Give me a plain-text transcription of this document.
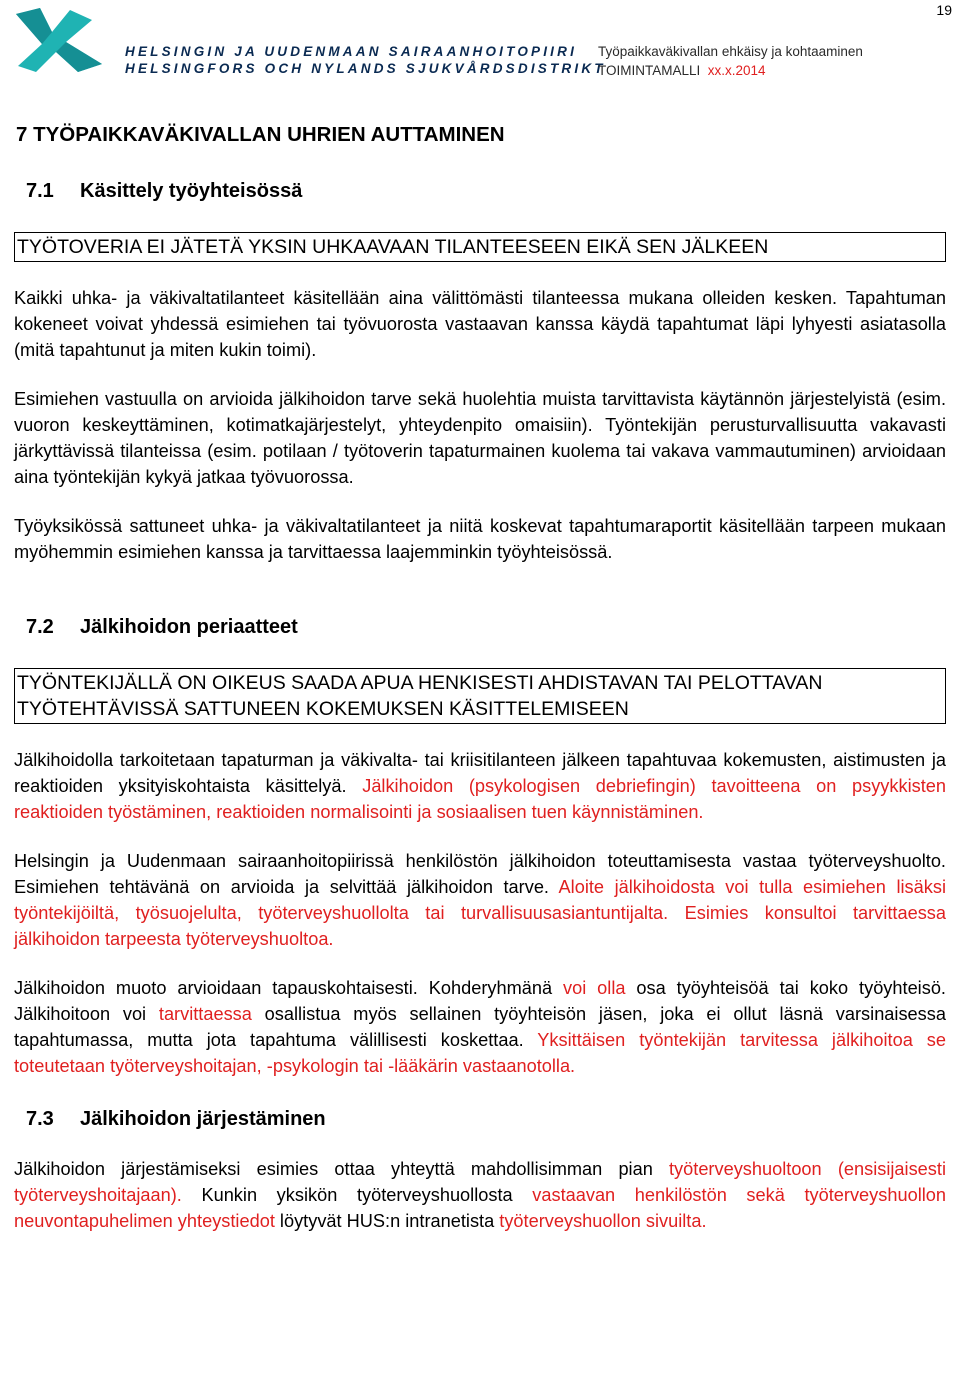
19
HELSINGIN JA UUDENMAAN SAIRAANHOITOPIIRI
HELSINGFORS OCH NYLANDS SJUKVÅRDSDISTRIKT
Työpaikkaväkivallan ehkäisy ja kohtaaminen
TOIMINTAMALLI xx.x.2014
7 TYÖPAIKKAVÄKIVALLAN UHRIEN AUTTAMINEN
7.1 Käsittely työyhteisössä
TYÖTOVERIA EI JÄTETÄ YKSIN UHKAAVAAN TILANTEESEEN EIKÄ SEN JÄLKEEN

Kaikki uhka- ja väkivaltatilanteet käsitellään aina välittömästi tilanteessa mukana olleiden kesken. Tapahtuman kokeneet voivat yhdessä esimiehen tai työvuorosta vastaavan kanssa käydä tapahtumat läpi lyhyesti asiatasolla (mitä tapahtunut ja miten kukin toimi).

Esimiehen vastuulla on arvioida jälkihoidon tarve sekä huolehtia muista tarvittavista käytännön järjestelyistä (esim. vuoron keskeyttäminen, kotimatkajärjestelyt, yhteydenpito omaisiin). Työntekijän perusturvallisuutta vakavasti järkyttävissä tilanteissa (esim. potilaan / työtoverin tapaturmainen kuolema tai vakava vammautuminen) arvioidaan aina työntekijän kykyä jatkaa työvuorossa.

Työyksikössä sattuneet uhka- ja väkivaltatilanteet ja niitä koskevat tapahtumaraportit käsitellään tarpeen mukaan myöhemmin esimiehen kanssa ja tarvittaessa laajemminkin työyhteisössä.

7.2 Jälkihoidon periaatteet
TYÖNTEKIJÄLLÄ ON OIKEUS SAADA APUA HENKISESTI AHDISTAVAN TAI PELOTTAVAN TYÖTEHTÄVISSÄ SATTUNEEN KOKEMUKSEN KÄSITTELEMISEEN

Jälkihoidolla tarkoitetaan tapaturman ja väkivalta- tai kriisitilanteen jälkeen tapahtuvaa kokemusten, aistimusten ja reaktioiden yksityiskohtaista käsittelyä. Jälkihoidon (psykologisen debriefingin) tavoitteena on psyykkisten reaktioiden työstäminen, reaktioiden normalisointi ja sosiaalisen tuen käynnistäminen.

Helsingin ja Uudenmaan sairaanhoitopiirissä henkilöstön jälkihoidon toteuttamisesta vastaa työterveyshuolto. Esimiehen tehtävänä on arvioida ja selvittää jälkihoidon tarve. Aloite jälkihoidosta voi tulla esimiehen lisäksi työntekijöiltä, työsuojelulta, työterveyshuollolta tai turvallisuusasiantuntijalta. Esimies konsultoi tarvittaessa jälkihoidon tarpeesta työterveyshuoltoa.

Jälkihoidon muoto arvioidaan tapauskohtaisesti. Kohderyhmänä voi olla osa työyhteisöä tai koko työyhteisö. Jälkihoitoon voi tarvittaessa osallistua myös sellainen työyhteisön jäsen, joka ei ollut läsnä varsinaisessa tapahtumassa, mutta jota tapahtuma välillisesti koskettaa. Yksittäisen työntekijän tarvitessa jälkihoitoa se toteutetaan työterveyshoitajan, -psykologin tai -lääkärin vastaanotolla.

7.3 Jälkihoidon järjestäminen

Jälkihoidon järjestämiseksi esimies ottaa yhteyttä mahdollisimman pian työterveyshuoltoon (ensisijaisesti työterveyshoitajaan). Kunkin yksikön työterveyshuollosta vastaavan henkilöstön sekä työterveyshuollon neuvontapuhelimen yhteystiedot löytyvät HUS:n intranetista työterveyshuollon sivuilta.
